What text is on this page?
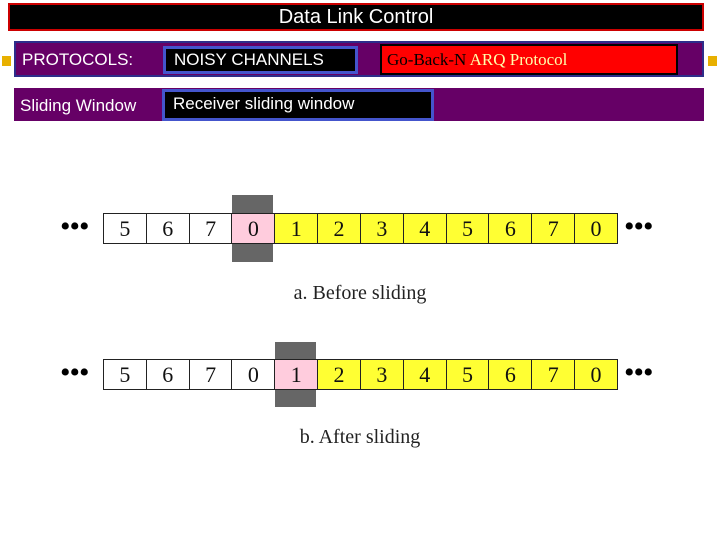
Data Link Control
PROTOCOLS:	NOISY CHANNELS	Go-Back-N ARQ Protocol
Sliding Window	Receiver sliding window
•••	5	6	7	0	1	2	3	4	5	6	7	0 •••
a. Before sliding
•••	5	6	7	0	1	2	3	4	5	6	7	0 •••
b. After sliding
